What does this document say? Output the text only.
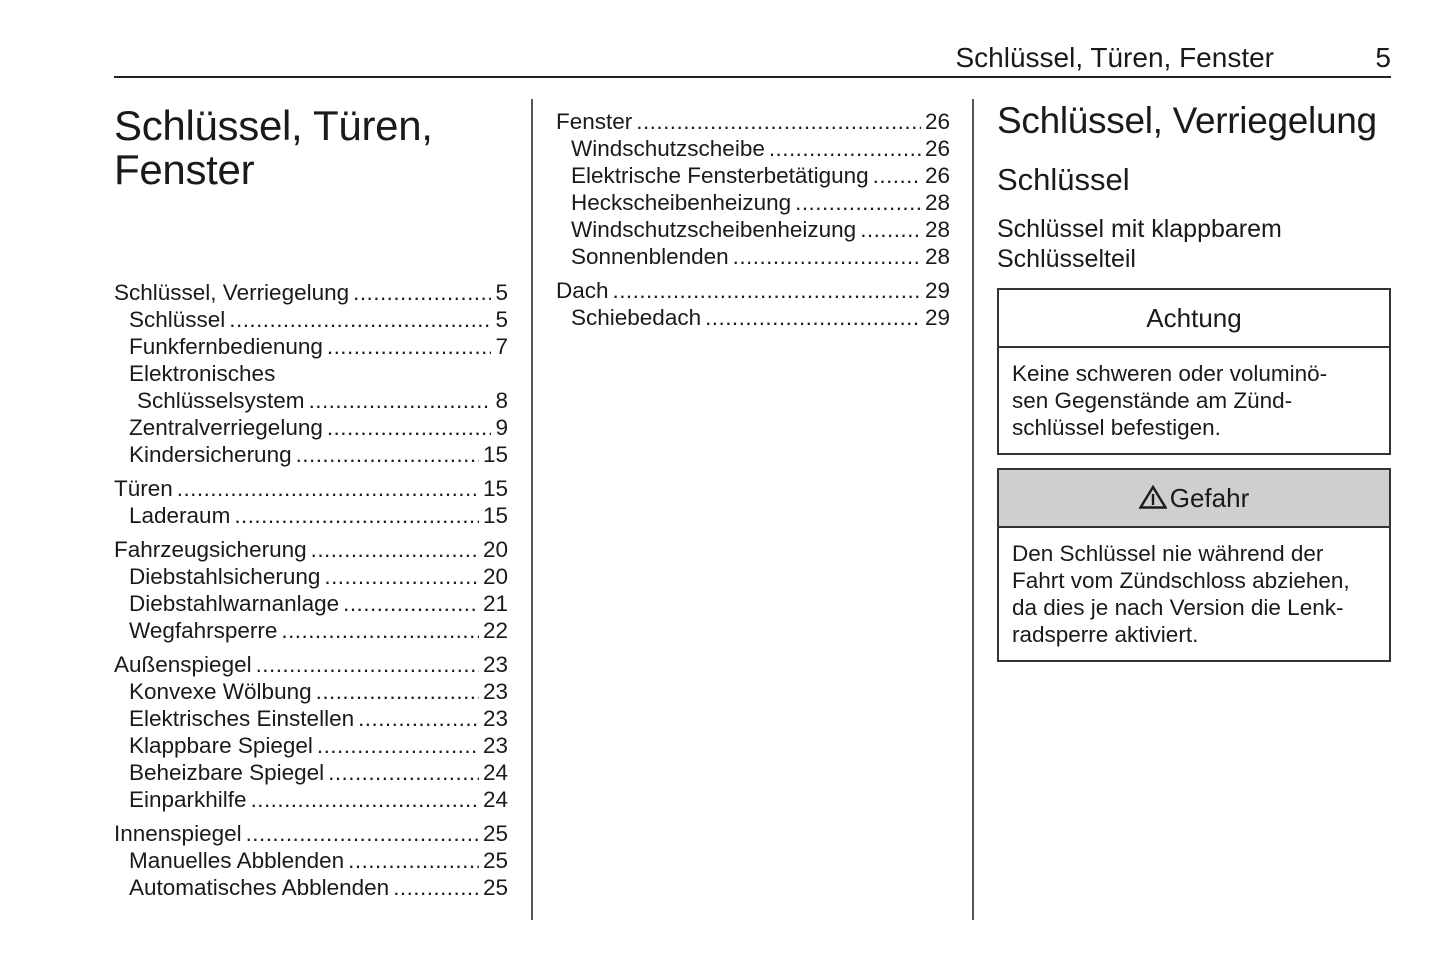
Schlüssel, Türen, Fenster	5
Schlüssel, Türen,
Fenster
Schlüssel, Verriegelung . . .	5
Schlüssel . . .	5
Funkfernbedienung . . .	7
Elektronisches
Schlüsselsystem . . .	8
Zentralverriegelung . . .	9
Kindersicherung . . .	15
Türen . . .	15
Laderaum . . .	15
Fahrzeugsicherung . . .	20
Diebstahlsicherung . . .	20
Diebstahlwarnanlage . . .	21
Wegfahrsperre . . .	22
Außenspiegel . . .	23
Konvexe Wölbung . . .	23
Elektrisches Einstellen . . .	23
Klappbare Spiegel . . .	23
Beheizbare Spiegel . . .	24
Einparkhilfe . . .	24
Innenspiegel . . .	25
Manuelles Abblenden . . .	25
Automatisches Abblenden . . .	25
Fenster . . .	26
Windschutzscheibe . . .	26
Elektrische Fensterbetätigung . . .	26
Heckscheibenheizung . . .	28
Windschutzscheibenheizung . . .	28
Sonnenblenden . . .	28
Dach . . .	29
Schiebedach . . .	29
Schlüssel, Verriegelung
Schlüssel
Schlüssel mit klappbarem
Schlüsselteil
Achtung
Keine schweren oder voluminö-
sen Gegenstände am Zünd-
schlüssel befestigen.
Gefahr
Den Schlüssel nie während der
Fahrt vom Zündschloss abziehen,
da dies je nach Version die Lenk-
radsperre aktiviert.
